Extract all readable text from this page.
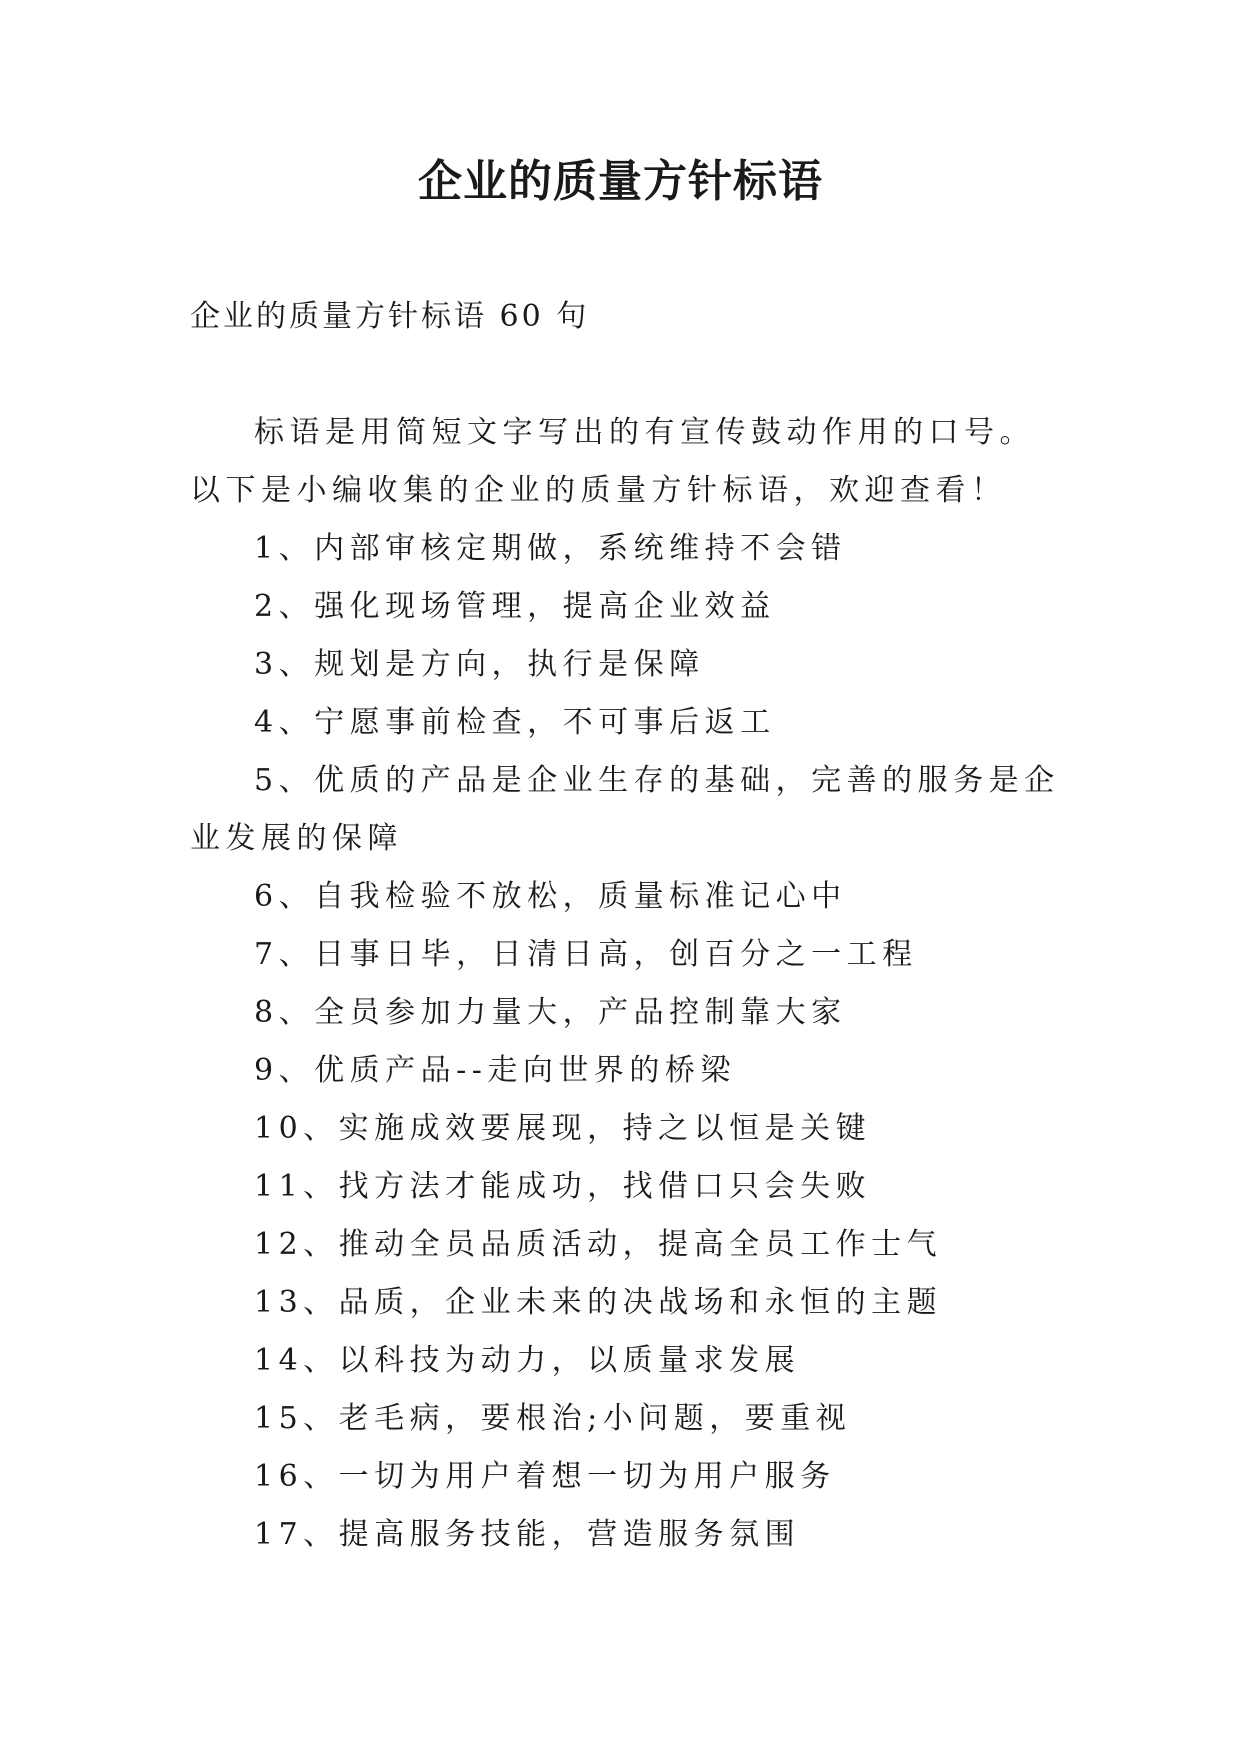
企业的质量方针标语

企业的质量方针标语 60 句

标语是用简短文字写出的有宣传鼓动作用的口号。以下是小编收集的企业的质量方针标语，欢迎查看！

1、内部审核定期做，系统维持不会错
2、强化现场管理，提高企业效益
3、规划是方向，执行是保障
4、宁愿事前检查，不可事后返工
5、优质的产品是企业生存的基础，完善的服务是企业发展的保障
6、自我检验不放松，质量标准记心中
7、日事日毕，日清日高，创百分之一工程
8、全员参加力量大，产品控制靠大家
9、优质产品--走向世界的桥梁
10、实施成效要展现，持之以恒是关键
11、找方法才能成功，找借口只会失败
12、推动全员品质活动，提高全员工作士气
13、品质，企业未来的决战场和永恒的主题
14、以科技为动力，以质量求发展
15、老毛病，要根治;小问题，要重视
16、一切为用户着想一切为用户服务
17、提高服务技能，营造服务氛围
